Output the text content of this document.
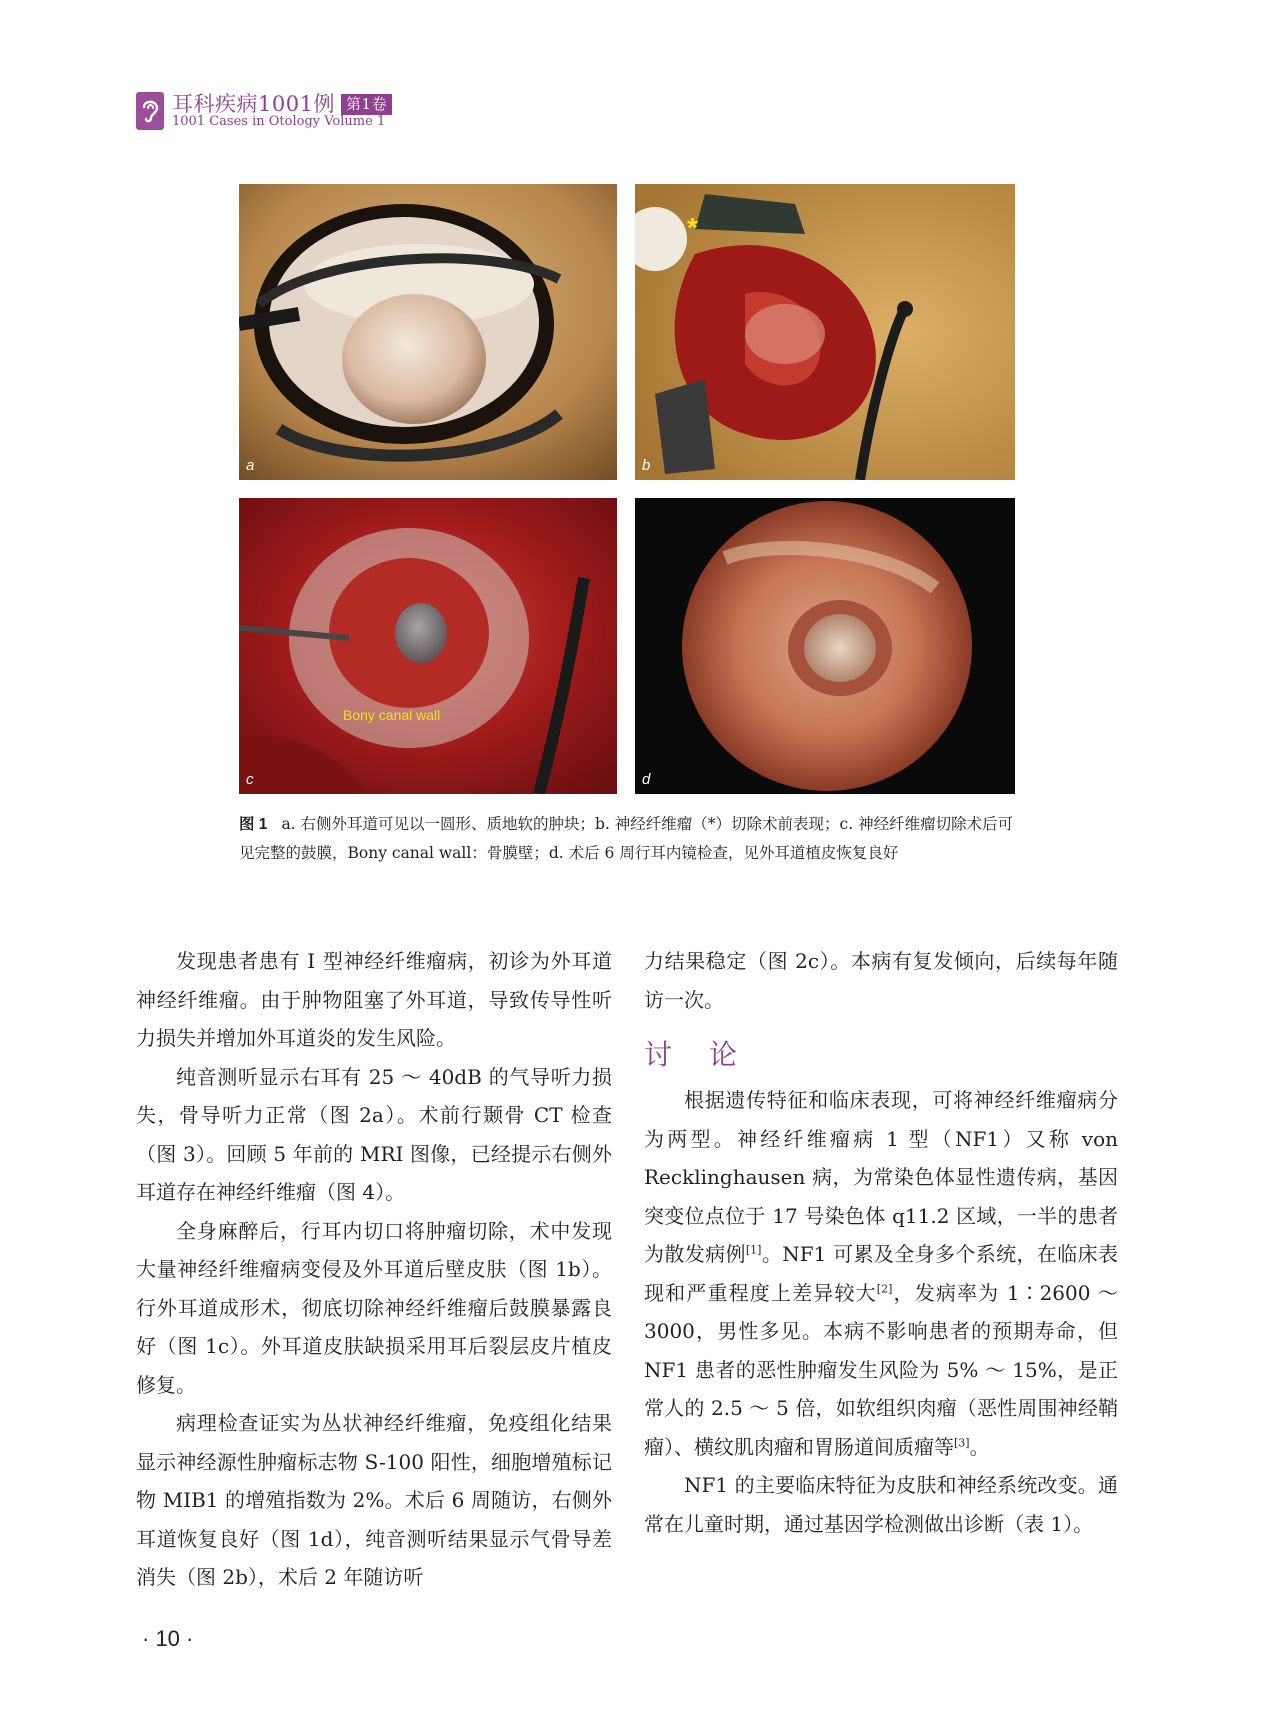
耳科疾病1001例 第1卷
1001 Cases in Otology Volume 1
a
*
b
Bony canal wall
c	d
图 1 a. 右侧外耳道可见以一圆形、质地软的肿块；b. 神经纤维瘤（*）切除术前表现；c. 神经纤维瘤切除术后可见完整的鼓膜，Bony canal wall：骨膜壁；d. 术后 6 周行耳内镜检查，见外耳道植皮恢复良好

发现患者患有 Ⅰ 型神经纤维瘤病，初诊为外耳道神经纤维瘤。由于肿物阻塞了外耳道，导致传导性听力损失并增加外耳道炎的发生风险。

纯音测听显示右耳有 25 ～ 40dB 的气导听力损失，骨导听力正常（图 2a）。术前行颞骨 CT 检查（图 3）。回顾 5 年前的 MRI 图像，已经提示右侧外耳道存在神经纤维瘤（图 4）。

全身麻醉后，行耳内切口将肿瘤切除，术中发现大量神经纤维瘤病变侵及外耳道后壁皮肤（图 1b）。行外耳道成形术，彻底切除神经纤维瘤后鼓膜暴露良好（图 1c）。外耳道皮肤缺损采用耳后裂层皮片植皮修复。

病理检查证实为丛状神经纤维瘤，免疫组化结果显示神经源性肿瘤标志物 S-100 阳性，细胞增殖标记物 MIB1 的增殖指数为 2%。术后 6 周随访，右侧外耳道恢复良好（图 1d），纯音测听结果显示气骨导差消失（图 2b），术后 2 年随访听

力结果稳定（图 2c）。本病有复发倾向，后续每年随访一次。

讨 论

根据遗传特征和临床表现，可将神经纤维瘤病分为两型。神经纤维瘤病 1 型（NF1）又称 von Recklinghausen 病，为常染色体显性遗传病，基因突变位点位于 17 号染色体 q11.2 区域，一半的患者为散发病例[1]。NF1 可累及全身多个系统，在临床表现和严重程度上差异较大[2]，发病率为 1∶2600 ～ 3000，男性多见。本病不影响患者的预期寿命，但 NF1 患者的恶性肿瘤发生风险为 5% ～ 15%，是正常人的 2.5 ～ 5 倍，如软组织肉瘤（恶性周围神经鞘瘤）、横纹肌肉瘤和胃肠道间质瘤等[3]。

NF1 的主要临床特征为皮肤和神经系统改变。通常在儿童时期，通过基因学检测做出诊断（表 1）。

· 10 ·
